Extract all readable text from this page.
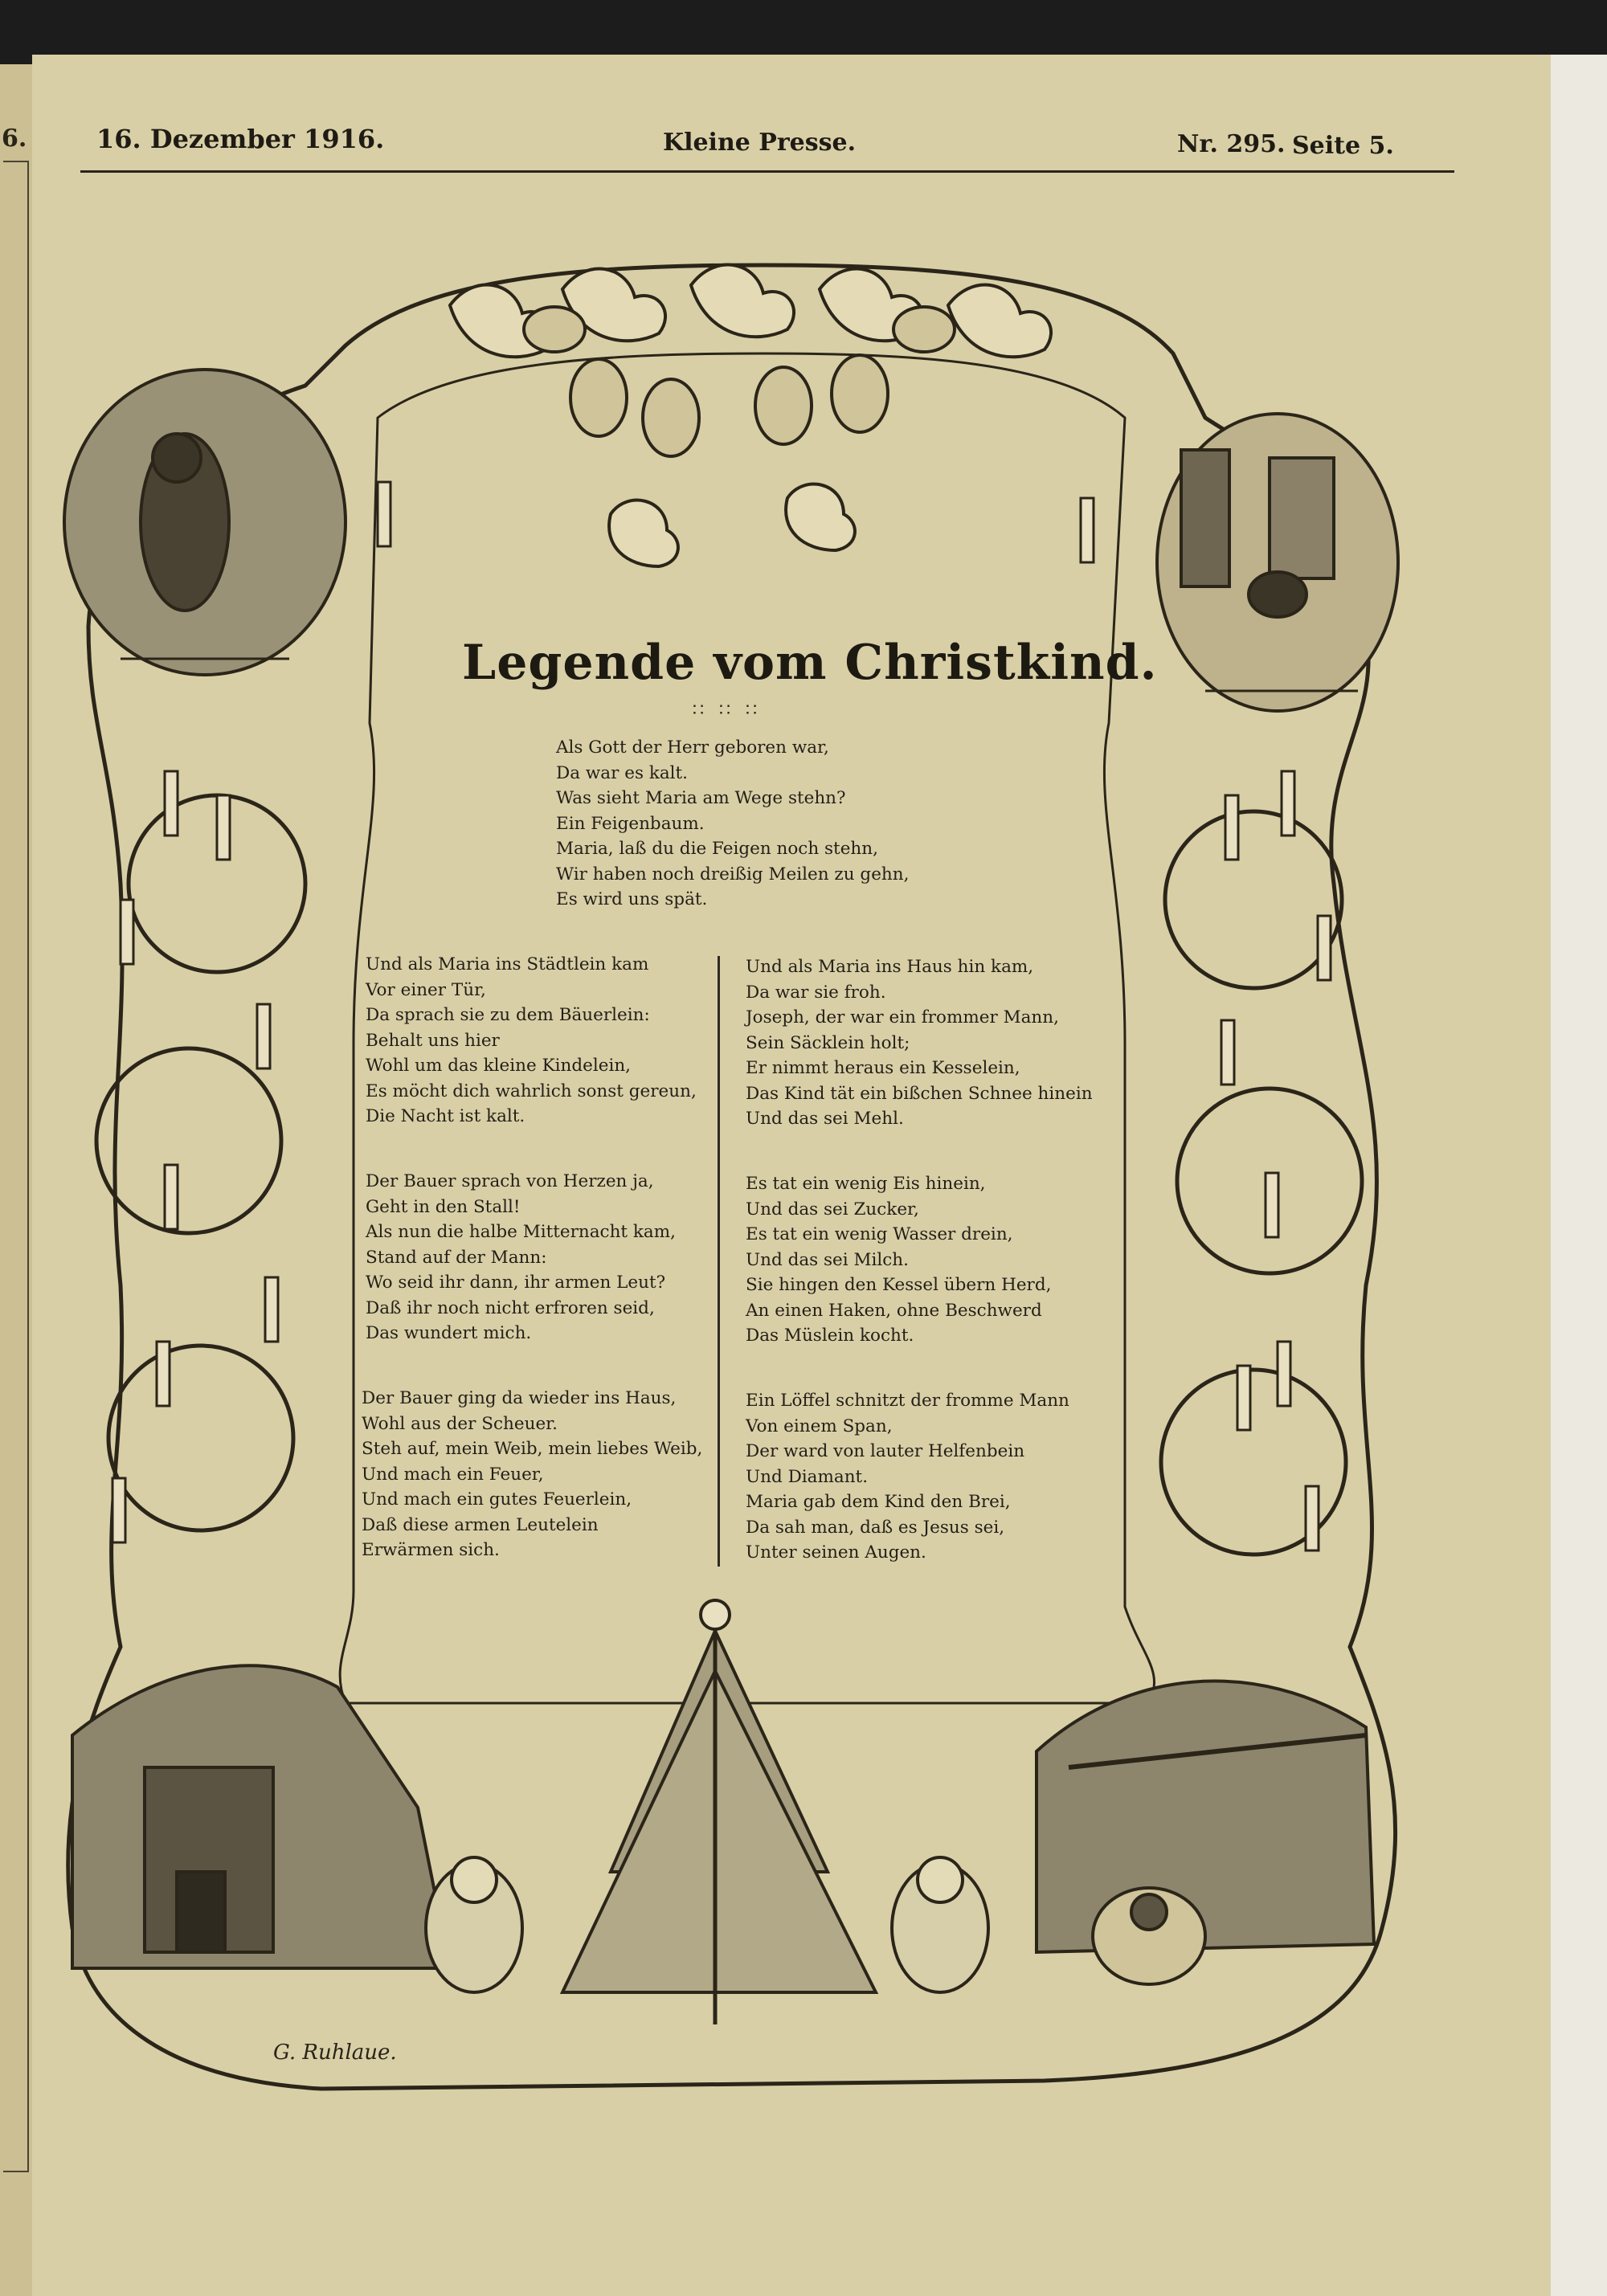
6.	16. Dezember 1916.	Kleine Presse.	Nr. 295. Seite 5.
Legende vom Christkind.
∷ ∷ ∷
Als Gott der Herr geboren war,
Da war es kalt.
Was sieht Maria am Wege stehn?
Ein Feigenbaum.
Maria, laß du die Feigen noch stehn,
Wir haben noch dreißig Meilen zu gehn,
Es wird uns spät.
Und als Maria ins Städtlein kam
Vor einer Tür,
Da sprach sie zu dem Bäuerlein:
Behalt uns hier
Wohl um das kleine Kindelein,
Es möcht dich wahrlich sonst gereun,
Die Nacht ist kalt.
Der Bauer sprach von Herzen ja,
Geht in den Stall!
Als nun die halbe Mitternacht kam,
Stand auf der Mann:
Wo seid ihr dann, ihr armen Leut?
Daß ihr noch nicht erfroren seid,
Das wundert mich.
Der Bauer ging da wieder ins Haus,
Wohl aus der Scheuer.
Steh auf, mein Weib, mein liebes Weib,
Und mach ein Feuer,
Und mach ein gutes Feuerlein,
Daß diese armen Leutelein
Erwärmen sich.
Und als Maria ins Haus hin kam,
Da war sie froh.
Joseph, der war ein frommer Mann,
Sein Säcklein holt;
Er nimmt heraus ein Kesselein,
Das Kind tät ein bißchen Schnee hinein
Und das sei Mehl.
Es tat ein wenig Eis hinein,
Und das sei Zucker,
Es tat ein wenig Wasser drein,
Und das sei Milch.
Sie hingen den Kessel übern Herd,
An einen Haken, ohne Beschwerd
Das Müslein kocht.
Ein Löffel schnitzt der fromme Mann
Von einem Span,
Der ward von lauter Helfenbein
Und Diamant.
Maria gab dem Kind den Brei,
Da sah man, daß es Jesus sei,
Unter seinen Augen.
G. Ruhlaue.
